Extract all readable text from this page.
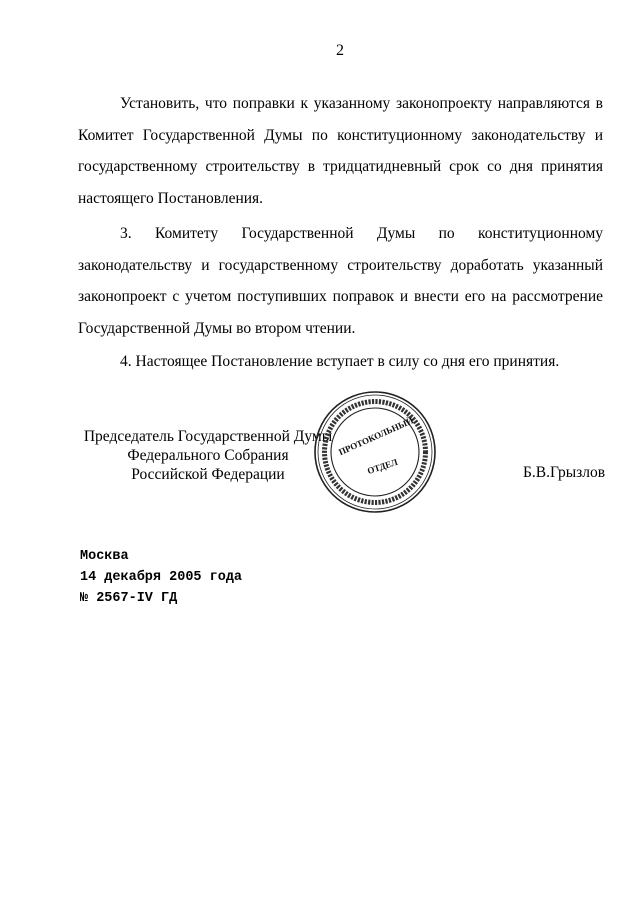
2

Установить, что поправки к указанному законопроекту направляются в Комитет Государственной Думы по конституционному законодательству и государственному строительству в тридцатидневный срок со дня принятия настоящего Постановления.

3. Комитету Государственной Думы по конституционному законодательству и государственному строительству доработать указанный законопроект с учетом поступивших поправок и внести его на рассмотрение Государственной Думы во втором чтении.

4. Настоящее Постановление вступает в силу со дня его принятия.

Председатель Государственной Думы
Федерального Собрания
Российской Федерации	Б.В.Грызлов
ПРОТОКОЛЬНЫЙ
ОТДЕЛ
Москва
14 декабря 2005 года
№ 2567-IV ГД
